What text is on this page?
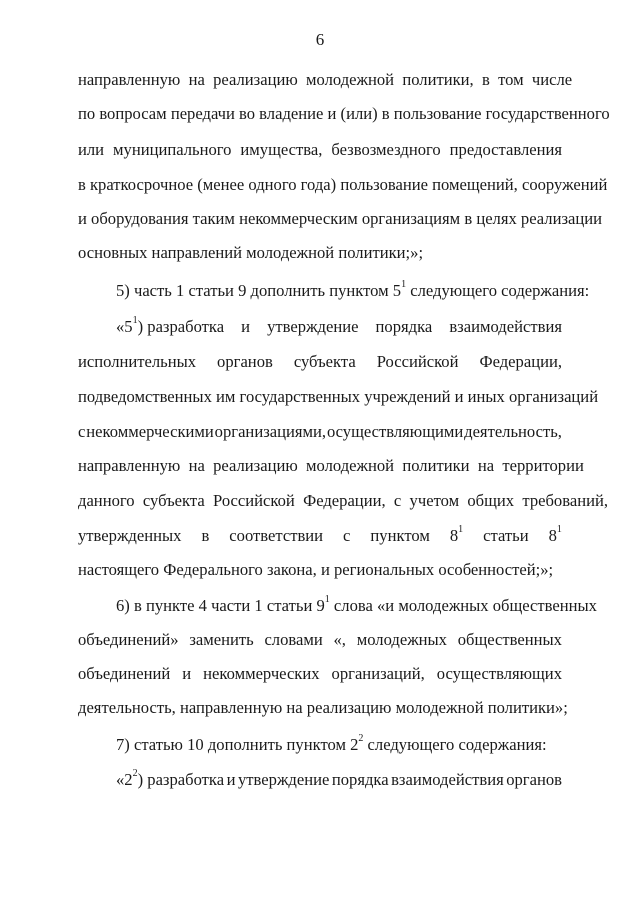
6
направленную  на  реализацию  молодежной  политики,  в  том  числе
по вопросам передачи во владение и (или) в пользование государственного
или муниципального имущества, безвозмездного предоставления
в краткосрочное (менее одного года) пользование помещений, сооружений
и оборудования таким некоммерческим организациям в целях реализации
основных направлений молодежной политики;»;
5) часть 1 статьи 9 дополнить пунктом $5^1$ следующего содержания:
«$5^1$) разработка и утверждение порядка взаимодействия
исполнительных органов субъекта Российской Федерации,
подведомственных им государственных учреждений и иных организаций
с некоммерческими организациями, осуществляющими деятельность,
направленную  на  реализацию  молодежной  политики  на  территории
данного  субъекта  Российской  Федерации,  с  учетом  общих  требований,
утвержденных в соответствии с пунктом $8^1$ статьи $8^1$
настоящего Федерального закона, и региональных особенностей;»;
6) в пункте 4 части 1 статьи $9^1$ слова «и молодежных общественных
объединений» заменить словами «, молодежных общественных
объединений и некоммерческих организаций, осуществляющих
деятельность, направленную на реализацию молодежной политики»;
7) статью 10 дополнить пунктом $2^2$ следующего содержания:
«$2^2$) разработка и утверждение порядка взаимодействия органов
